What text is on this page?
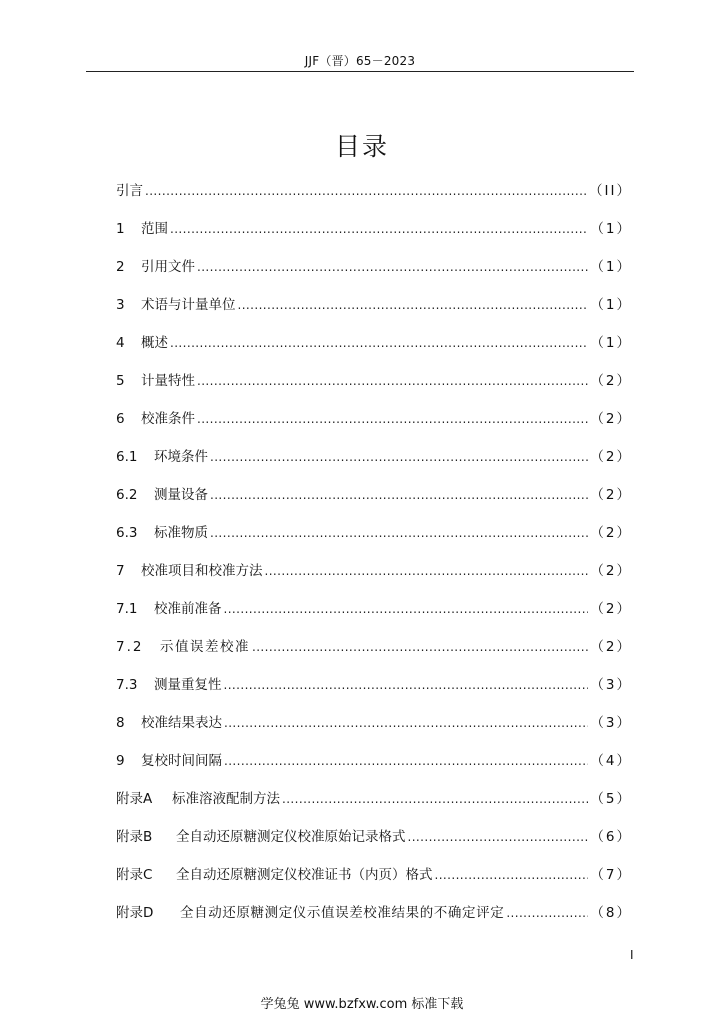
JJF（晋）65－2023
目录
引言 .....	（II）
1	范围 .....	（1）
2	引用文件 .....	（1）
3	术语与计量单位 .....	（1）
4	概述 .....	（1）
5	计量特性 .....	（2）
6	校准条件 .....	（2）
6.1	环境条件 .....	（2）
6.2	测量设备 .....	（2）
6.3	标准物质 .....	（2）
7	校准项目和校准方法 .....	（2）
7.1	校准前准备 .....	（2）
7.2	示值误差校准 .....	（2）
7.3	测量重复性 .....	（3）
8	校准结果表达 .....	（3）
9	复校时间间隔 .....	（4）
附录A	标准溶液配制方法 .....	（5）
附录B	全自动还原糖测定仪校准原始记录格式 .....	（6）
附录C	全自动还原糖测定仪校准证书（内页）格式 .....	（7）
附录D	全自动还原糖测定仪示值误差校准结果的不确定评定 .....	（8）
I
学兔兔 www.bzfxw.com 标准下载
